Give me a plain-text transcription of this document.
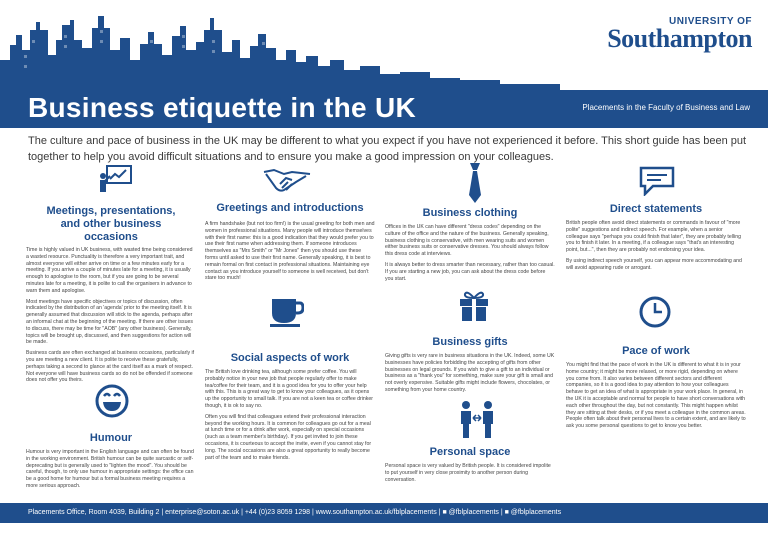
UNIVERSITY OF
Southampton
Business etiquette in the UK	Placements in the Faculty of Business and Law
The culture and pace of business in the UK may be different to what you expect if you have not experienced it before. This short guide has been put together to help you avoid difficult situations and to ensure you make a good impression on your colleagues.
Meetings, presentations, and other business occasions
Time is highly valued in UK business, with wasted time being considered a wasted resource. Punctuality is therefore a very important trait, and almost everyone will either arrive on time or a few minutes early for a meeting. If you arrive a couple of minutes late for a meeting, it is usually enough to apologise to the room, but if you are going to be several minutes late for a meeting, it is polite to call the organisers in advance to warn them and apologise.
Most meetings have specific objectives or topics of discussion, often indicated by the distribution of an 'agenda' prior to the meeting itself. It is generally assumed that discussion will stick to the agenda, perhaps after an informal chat at the beginning of the meeting. If there are other issues to discuss, there may be time for "AOB" (any other business). Generally, topics will be brought up, discussed, and then suggestions for action will be made.
Business cards are often exchanged at business occasions, particularly if you are meeting a new client. It is polite to receive these gratefully, perhaps taking a second to glance at the card itself as a mark of respect. Not everyone will have business cards so do not be offended if someone does not offer you theirs.
Humour
Humour is very important in the English language and can often be found in the working environment. British humour can be quite sarcastic or self-deprecating but is generally used to "lighten the mood". You should be careful, though, to only use humour in appropriate settings: the office can be a good home for humour but a formal business meeting requires a more serious approach.
Greetings and introductions
A firm handshake (but not too firm!) is the usual greeting for both men and women in professional situations. Many people will introduce themselves with their first name: this is a good indication that they would prefer you to use their first name when addressing them. If someone introduces themselves as "Mrs Smith" or "Mr Jones" then you should use these forms until asked to use their first name. Generally speaking, it is best to remain formal on first contact in professional situations. Maintaining eye contact as you introduce yourself to someone is well received, but don't stare too much!
Social aspects of work
The British love drinking tea, although some prefer coffee. You will probably notice in your new job that people regularly offer to make tea/coffee for their team, and it is a good idea for you to offer your help with this. This is a great way to get to know your colleagues, as it opens up the opportunity to small talk. If you are not a keen tea or coffee drinker though, it is ok to say no.
Often you will find that colleagues extend their professional interaction beyond the working hours. It is common for colleagues go out for a meal at lunch time or for a drink after work, especially on special occasions (such as a team member's birthday). If you get invited to join these occasions, it is courteous to accept the invite, even if you cannot stay for long. The social occasions are also a great opportunity to really become part of the team and to make friends.
Business clothing
Offices in the UK can have different "dress codes" depending on the culture of the office and the nature of the business. Generally speaking, business clothing is conservative, with men wearing suits and women either business suits or conservative dresses. You should always follow this dress code at interviews.
It is always better to dress smarter than necessary, rather than too casual. If you are starting a new job, you can ask about the dress code before you start.
Business gifts
Giving gifts is very rare in business situations in the UK. Indeed, some UK businesses have policies forbidding the accepting of gifts from other businesses on legal grounds. If you wish to give a gift to an individual or business as a "thank you" for something, make sure your gift is small and not overly expensive. Suitable gifts might include flowers, chocolates, or something from your home country.
Personal space
Personal space is very valued by British people. It is considered impolite to put yourself in very close proximity to another person during conversation.
Direct statements
British people often avoid direct statements or commands in favour of "more polite" suggestions and indirect speech. For example, when a senior colleague says "perhaps you could finish that later", they are probably telling you to finish it later. In a meeting, if a colleague says "that's an interesting point, but...", then they are probably not endorsing your idea.
By using indirect speech yourself, you can appear more accommodating and will avoid appearing rude or arrogant.
Pace of work
You might find that the pace of work in the UK is different to what it is in your home country; it might be more relaxed, or more rigid, depending on where you come from. It also varies between different sectors and different companies, so it is a good idea to pay attention to how your colleagues behave to get an idea of what is appropriate in your work place. In general, in the UK it is acceptable and normal for people to have short conversations with each other throughout the day, but not constantly. This might happen whilst they are sitting at their desks, or if you meet a colleague in the common areas. People often talk about their personal lives to a certain extent, and are likely to ask you some personal questions to get to know you better.
Placements Office, Room 4039, Building 2 | enterprise@soton.ac.uk | +44 (0)23 8059 1298 | www.southampton.ac.uk/fblplacements | ■ @fblplacements | ■ @fblplacements
